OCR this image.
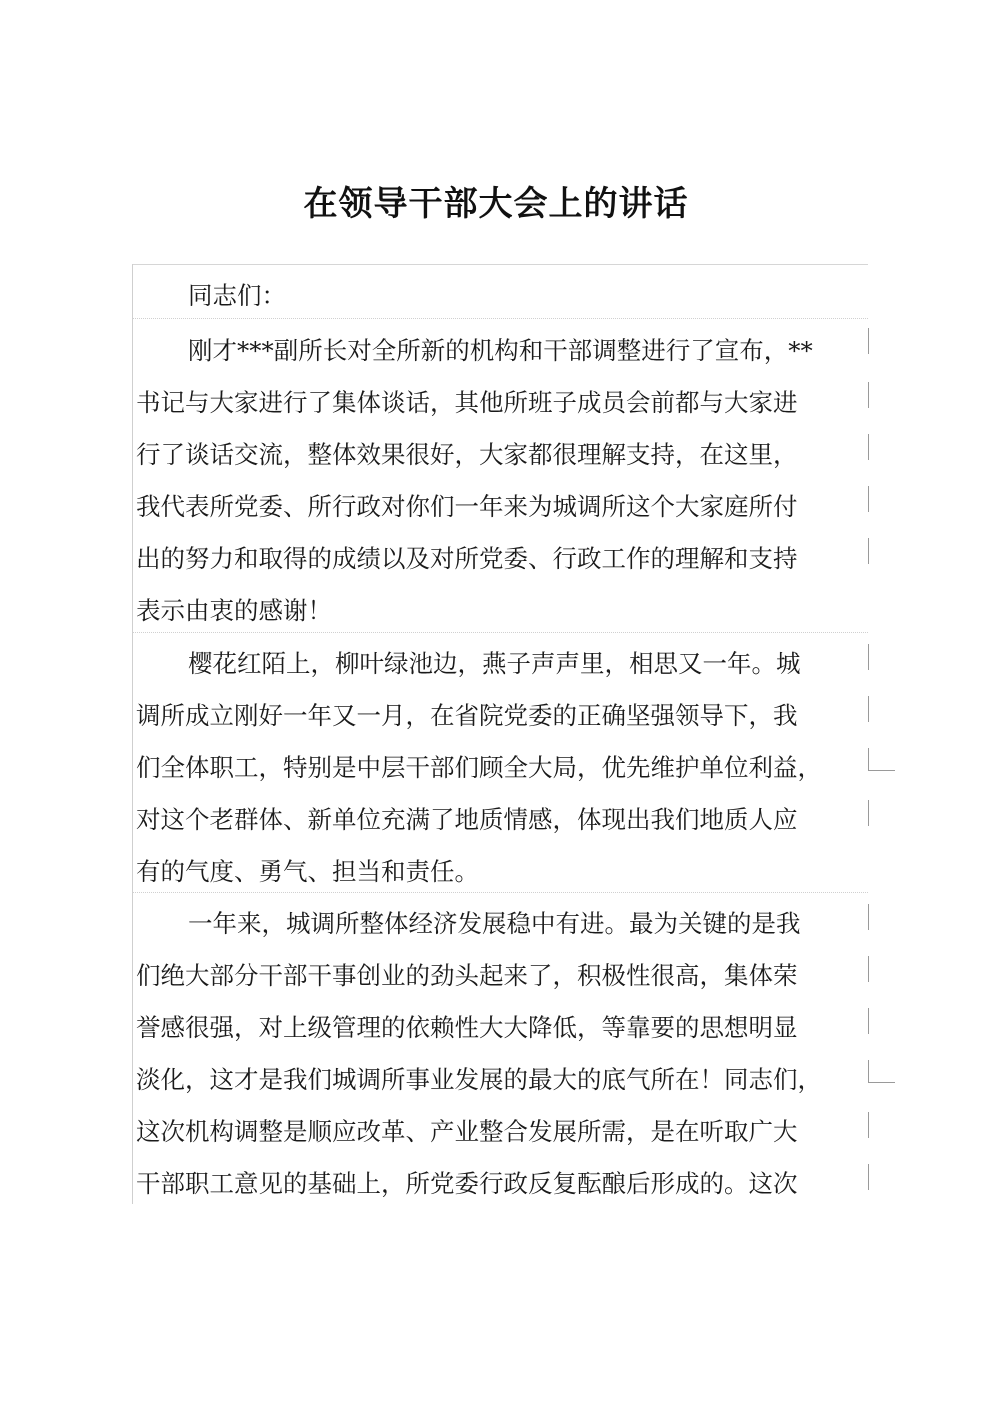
在领导干部大会上的讲话
同志们：
刚才***副所长对全所新的机构和干部调整进行了宣布，**
书记与大家进行了集体谈话，其他所班子成员会前都与大家进
行了谈话交流，整体效果很好，大家都很理解支持，在这里，
我代表所党委、所行政对你们一年来为城调所这个大家庭所付
出的努力和取得的成绩以及对所党委、行政工作的理解和支持
表示由衷的感谢！
樱花红陌上，柳叶绿池边，燕子声声里，相思又一年。城
调所成立刚好一年又一月，在省院党委的正确坚强领导下，我
们全体职工，特别是中层干部们顾全大局，优先维护单位利益，
对这个老群体、新单位充满了地质情感，体现出我们地质人应
有的气度、勇气、担当和责任。
一年来，城调所整体经济发展稳中有进。最为关键的是我
们绝大部分干部干事创业的劲头起来了，积极性很高，集体荣
誉感很强，对上级管理的依赖性大大降低，等靠要的思想明显
淡化，这才是我们城调所事业发展的最大的底气所在！同志们，
这次机构调整是顺应改革、产业整合发展所需，是在听取广大
干部职工意见的基础上，所党委行政反复酝酿后形成的。这次
